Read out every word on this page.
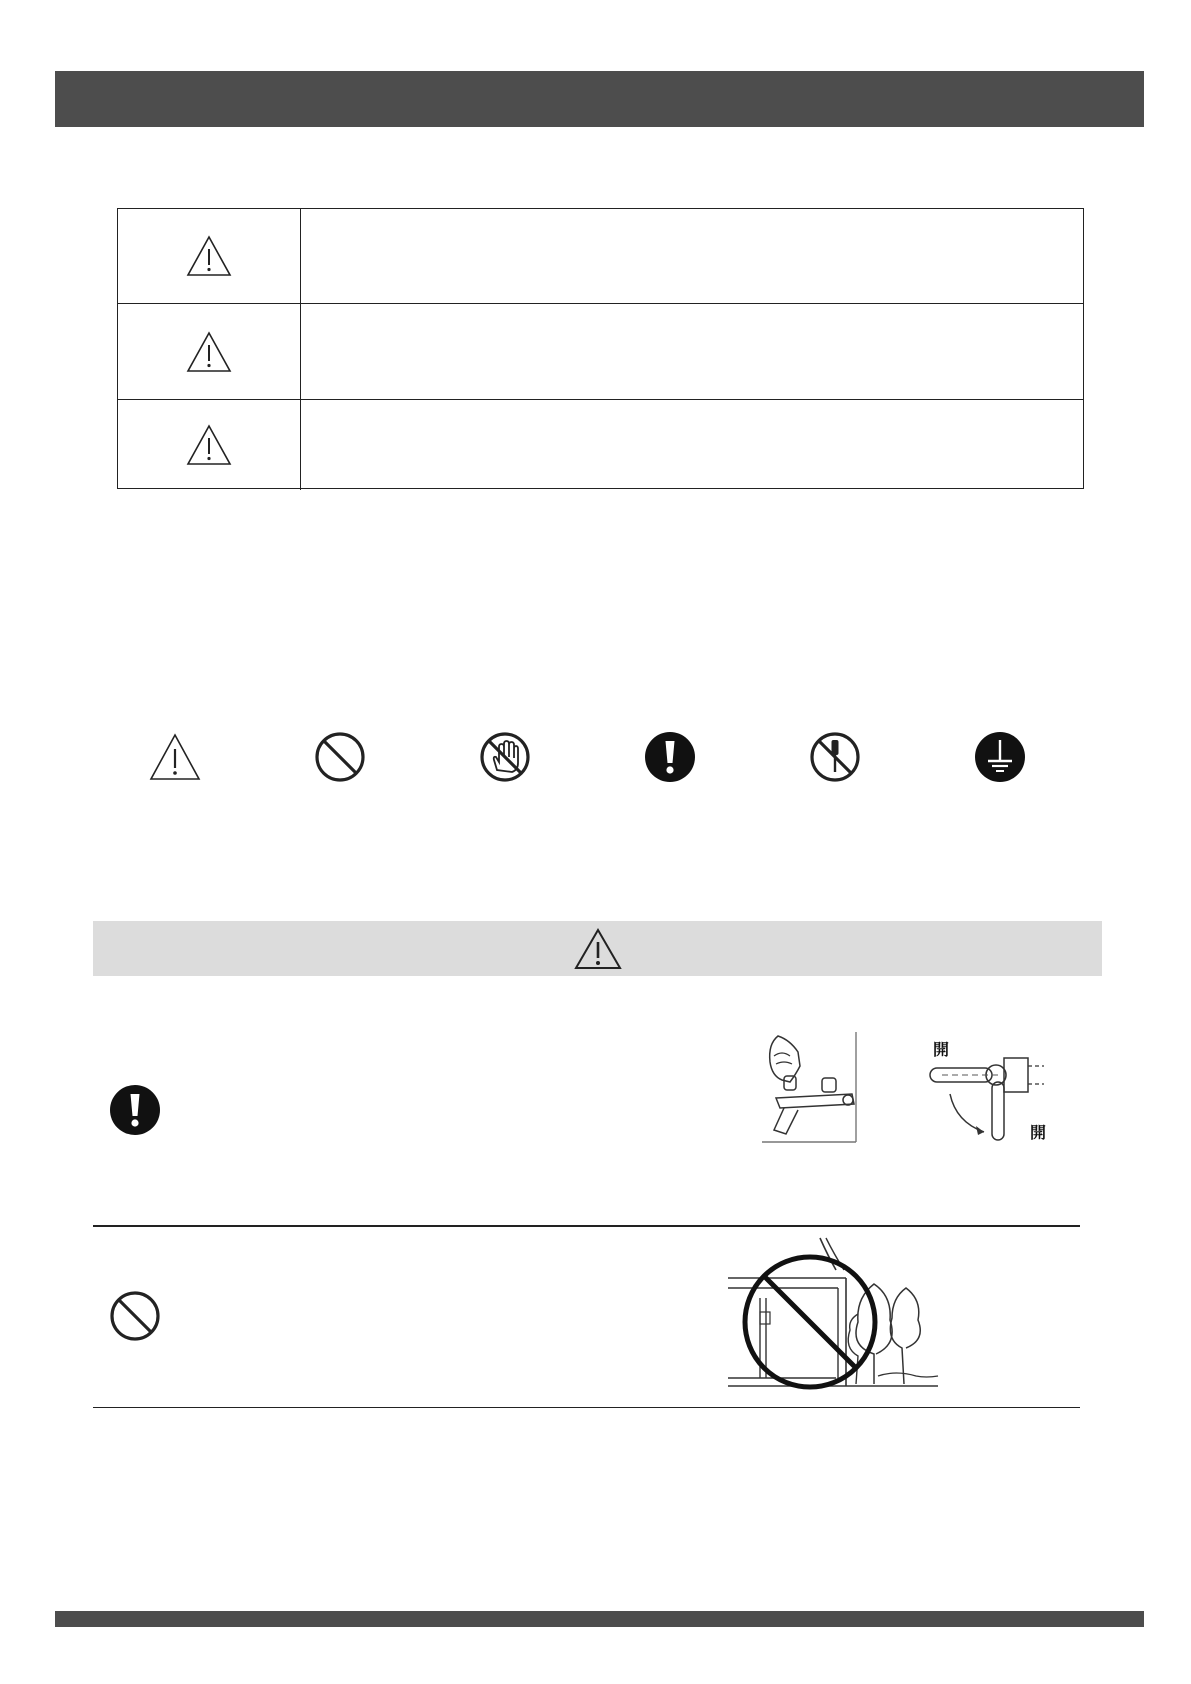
開
開
